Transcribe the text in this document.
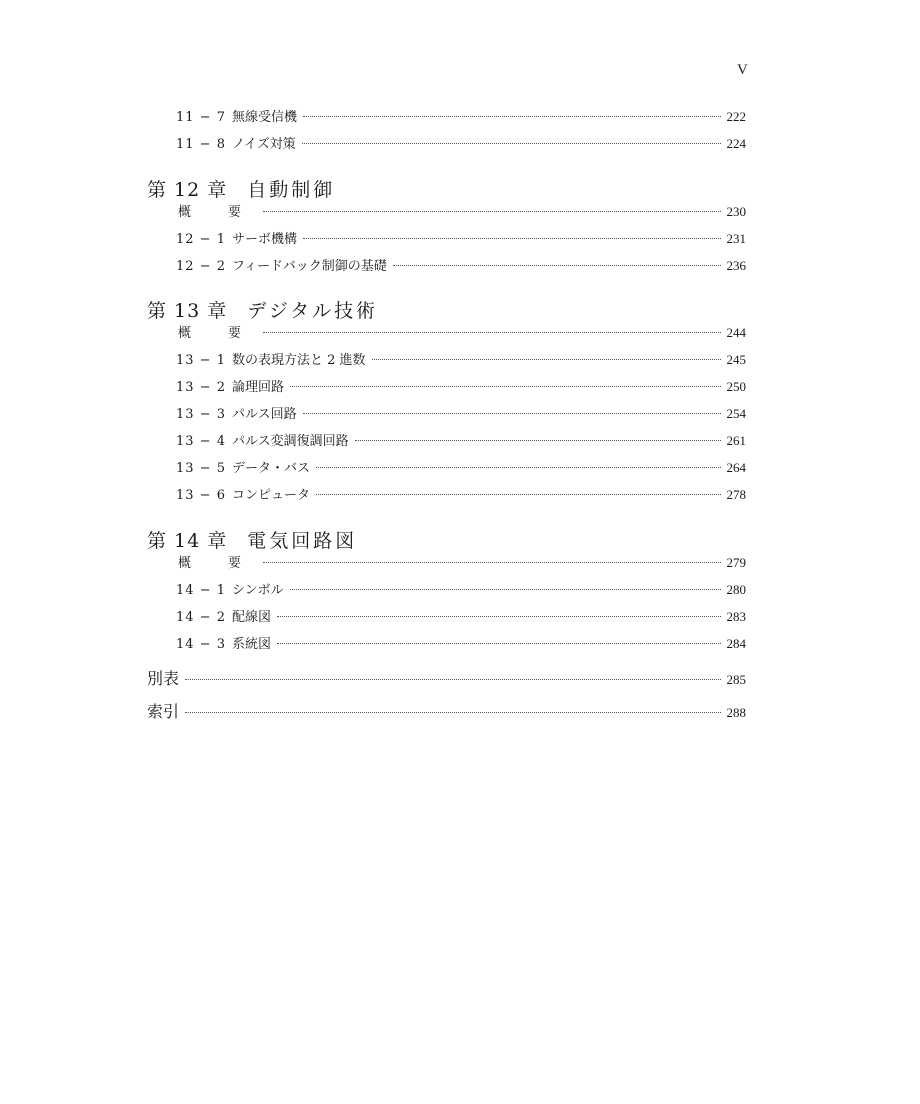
V
11 − 7 無線受信機	222
11 − 8 ノイズ対策	224
第 12 章 自動制御
概　要	230
12 − 1 サーボ機構	231
12 − 2 フィードバック制御の基礎	236
第 13 章 デジタル技術
概　要	244
13 − 1 数の表現方法と 2 進数	245
13 − 2 論理回路	250
13 − 3 パルス回路	254
13 − 4 パルス変調復調回路	261
13 − 5 データ・バス	264
13 − 6 コンピュータ	278
第 14 章 電気回路図
概　要	279
14 − 1 シンボル	280
14 − 2 配線図	283
14 − 3 系統図	284
別表	285
索引	288
